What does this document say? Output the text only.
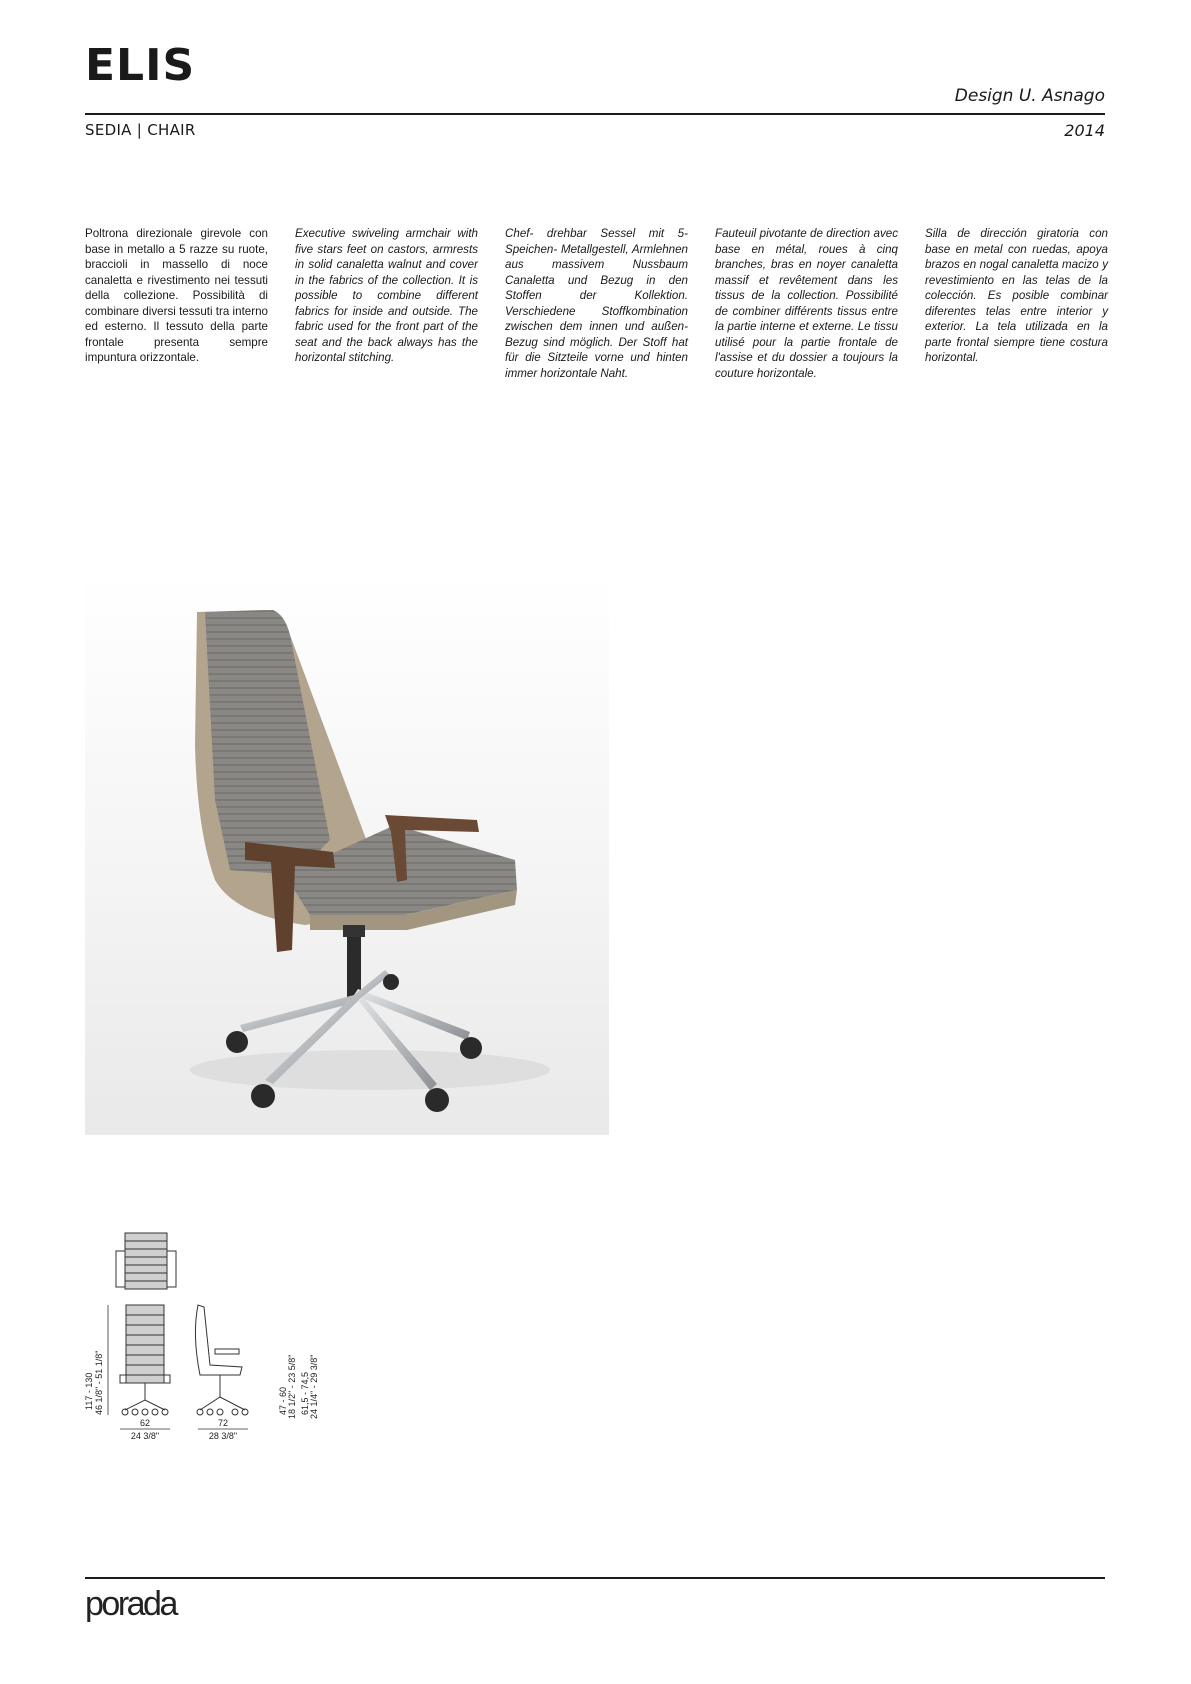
ELIS
Design U. Asnago
SEDIA | CHAIR	2014

Poltrona direzionale girevole con base in metallo a 5 razze su ruote, braccioli in massello di noce canaletta e rivestimento nei tessuti della collezione. Possibilità di combinare diversi tessuti tra interno ed esterno. Il tessuto della parte frontale presenta sempre impuntura orizzontale.

Executive swiveling armchair with five stars feet on castors, armrests in solid canaletta walnut and cover in the fabrics of the collection. It is possible to combine different fabrics for inside and outside. The fabric used for the front part of the seat and the back always has the horizontal stitching.

Chef- drehbar Sessel mit 5-Speichen- Metallgestell, Armlehnen aus massivem Nussbaum Canaletta und Bezug in den Stoffen der Kollektion. Verschiedene Stoffkombination zwischen dem innen und außen-Bezug sind möglich. Der Stoff hat für die Sitzteile vorne und hinten immer horizontale Naht.

Fauteuil pivotante de direction avec base en métal, roues à cinq branches, bras en noyer canaletta massif et revêtement dans les tissus de la collection. Possibilité de combiner différents tissus entre la partie interne et externe. Le tissu utilisé pour la partie frontale de l'assise et du dossier a toujours la couture horizontale.

Silla de dirección giratoria con base en metal con ruedas, apoya brazos en nogal canaletta macizo y revestimiento en las telas de la colección. Es posible combinar diferentes telas entre interior y exterior. La tela utilizada en la parte frontal siempre tiene costura horizontal.

117 - 130 46 1/8" - 51 1/8"
62
24 3/8"
72
28 3/8"
47 - 60 18 1/2" - 23 5/8" 61,5 - 74,5 24 1/4" - 29 3/8"
porada
